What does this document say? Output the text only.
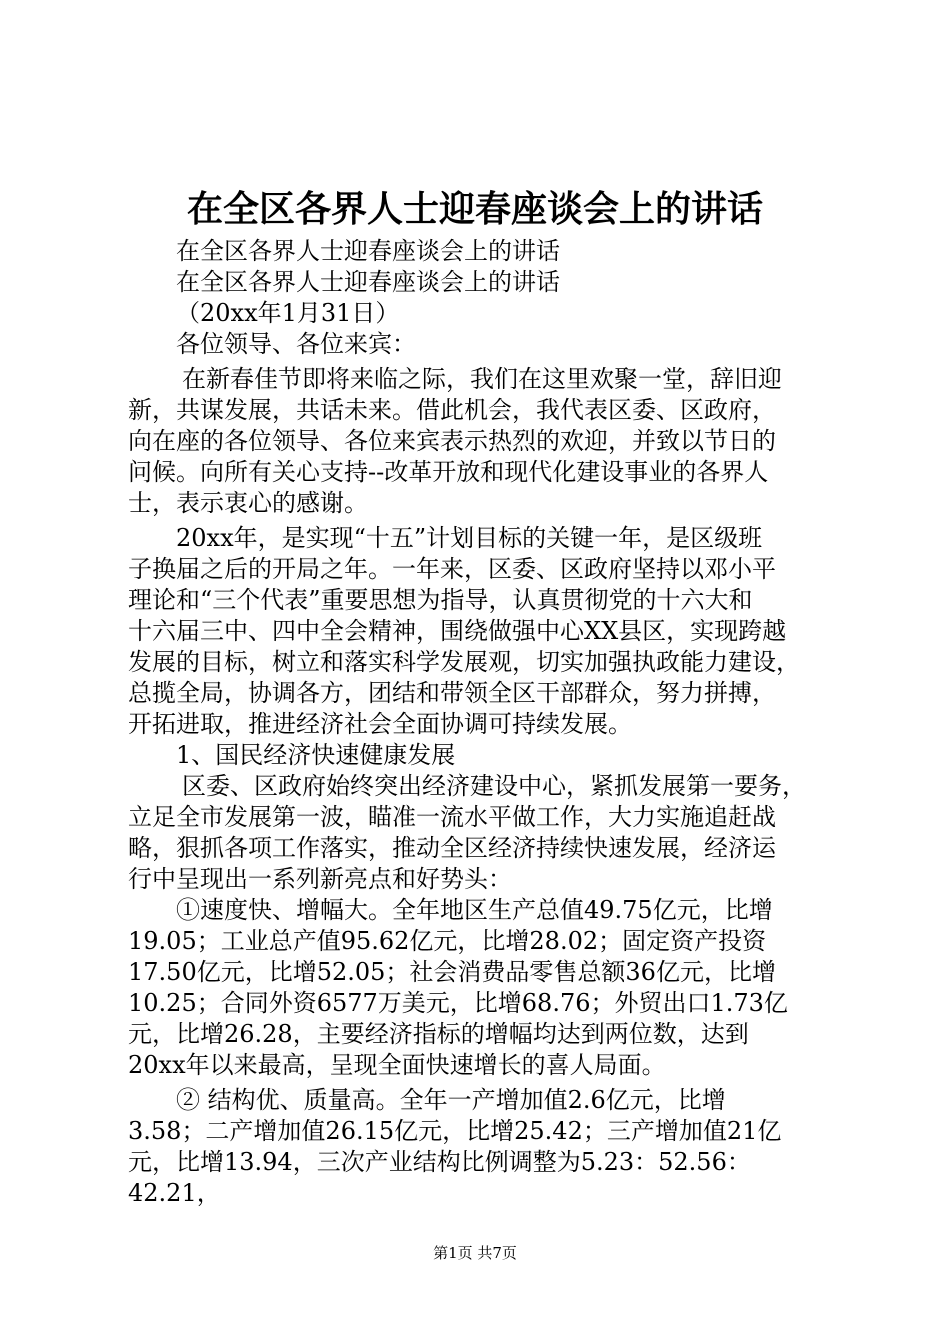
在全区各界人士迎春座谈会上的讲话
在全区各界人士迎春座谈会上的讲话
在全区各界人士迎春座谈会上的讲话
（20xx年1月31日）
各位领导、各位来宾：
在新春佳节即将来临之际，我们在这里欢聚一堂，辞旧迎
新，共谋发展，共话未来。借此机会，我代表区委、区政府，
向在座的各位领导、各位来宾表示热烈的欢迎，并致以节日的
问候。向所有关心支持--改革开放和现代化建设事业的各界人
士，表示衷心的感谢。
20xx年，是实现“十五”计划目标的关键一年，是区级班
子换届之后的开局之年。一年来，区委、区政府坚持以邓小平
理论和“三个代表”重要思想为指导，认真贯彻党的十六大和
十六届三中、四中全会精神，围绕做强中心XX县区，实现跨越
发展的目标，树立和落实科学发展观，切实加强执政能力建设，
总揽全局，协调各方，团结和带领全区干部群众，努力拼搏，
开拓进取，推进经济社会全面协调可持续发展。
1、国民经济快速健康发展
区委、区政府始终突出经济建设中心，紧抓发展第一要务，
立足全市发展第一波，瞄准一流水平做工作，大力实施追赶战
略，狠抓各项工作落实，推动全区经济持续快速发展，经济运
行中呈现出一系列新亮点和好势头：
①速度快、增幅大。全年地区生产总值49.75亿元，比增
19.05；工业总产值95.62亿元，比增28.02；固定资产投资
17.50亿元，比增52.05；社会消费品零售总额36亿元，比增
10.25；合同外资6577万美元，比增68.76；外贸出口1.73亿
元，比增26.28，主要经济指标的增幅均达到两位数，达到
20xx年以来最高，呈现全面快速增长的喜人局面。
② 结构优、质量高。全年一产增加值2.6亿元，比增
3.58；二产增加值26.15亿元，比增25.42；三产增加值21亿
元，比增13.94，三次产业结构比例调整为5.23：52.56：
42.21，
第1页 共7页
